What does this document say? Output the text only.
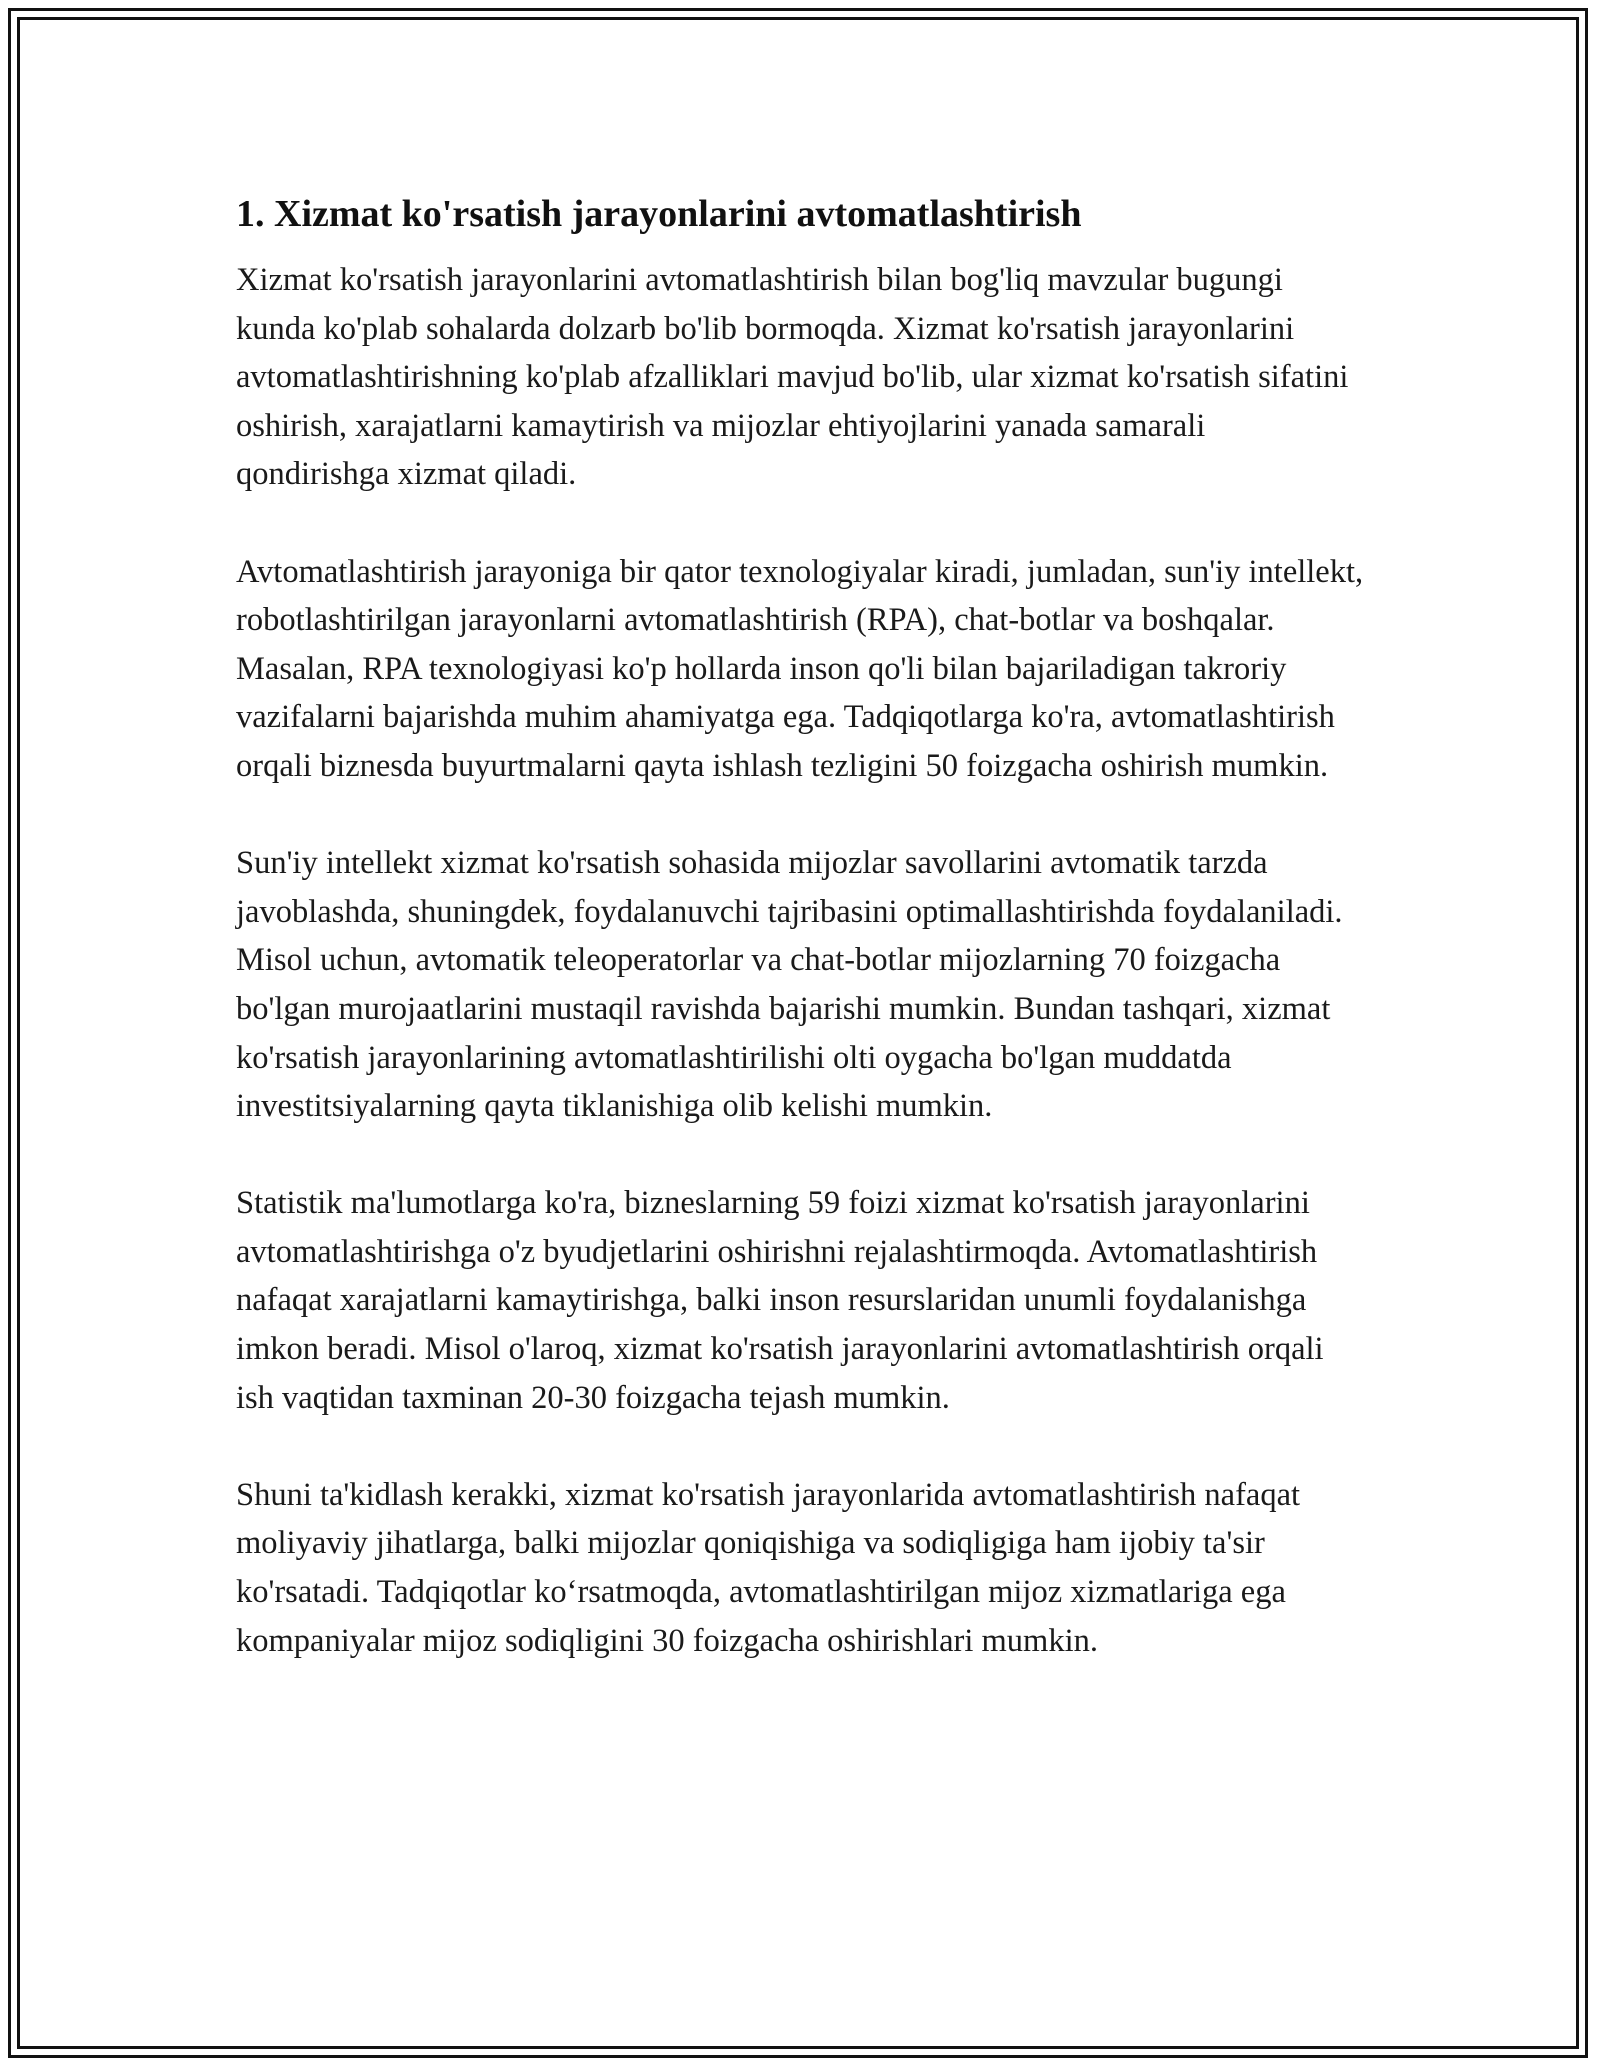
1. Xizmat ko'rsatish jarayonlarini avtomatlashtirish

Xizmat ko'rsatish jarayonlarini avtomatlashtirish bilan bog'liq mavzular bugungi kunda ko'plab sohalarda dolzarb bo'lib bormoqda. Xizmat ko'rsatish jarayonlarini avtomatlashtirishning ko'plab afzalliklari mavjud bo'lib, ular xizmat ko'rsatish sifatini oshirish, xarajatlarni kamaytirish va mijozlar ehtiyojlarini yanada samarali qondirishga xizmat qiladi.

Avtomatlashtirish jarayoniga bir qator texnologiyalar kiradi, jumladan, sun'iy intellekt, robotlashtirilgan jarayonlarni avtomatlashtirish (RPA), chat-botlar va boshqalar. Masalan, RPA texnologiyasi ko'p hollarda inson qo'li bilan bajariladigan takroriy vazifalarni bajarishda muhim ahamiyatga ega. Tadqiqotlarga ko'ra, avtomatlashtirish orqali biznesda buyurtmalarni qayta ishlash tezligini 50 foizgacha oshirish mumkin.

Sun'iy intellekt xizmat ko'rsatish sohasida mijozlar savollarini avtomatik tarzda javoblashda, shuningdek, foydalanuvchi tajribasini optimallashtirishda foydalaniladi. Misol uchun, avtomatik teleoperatorlar va chat-botlar mijozlarning 70 foizgacha bo'lgan murojaatlarini mustaqil ravishda bajarishi mumkin. Bundan tashqari, xizmat ko'rsatish jarayonlarining avtomatlashtirilishi olti oygacha bo'lgan muddatda investitsiyalarning qayta tiklanishiga olib kelishi mumkin.

Statistik ma'lumotlarga ko'ra, bizneslarning 59 foizi xizmat ko'rsatish jarayonlarini avtomatlashtirishga o'z byudjetlarini oshirishni rejalashtirmoqda. Avtomatlashtirish nafaqat xarajatlarni kamaytirishga, balki inson resurslaridan unumli foydalanishga imkon beradi. Misol o'laroq, xizmat ko'rsatish jarayonlarini avtomatlashtirish orqali ish vaqtidan taxminan 20-30 foizgacha tejash mumkin.

Shuni ta'kidlash kerakki, xizmat ko'rsatish jarayonlarida avtomatlashtirish nafaqat moliyaviy jihatlarga, balki mijozlar qoniqishiga va sodiqligiga ham ijobiy ta'sir ko'rsatadi. Tadqiqotlar ko‘rsatmoqda, avtomatlashtirilgan mijoz xizmatlariga ega kompaniyalar mijoz sodiqligini 30 foizgacha oshirishlari mumkin.
